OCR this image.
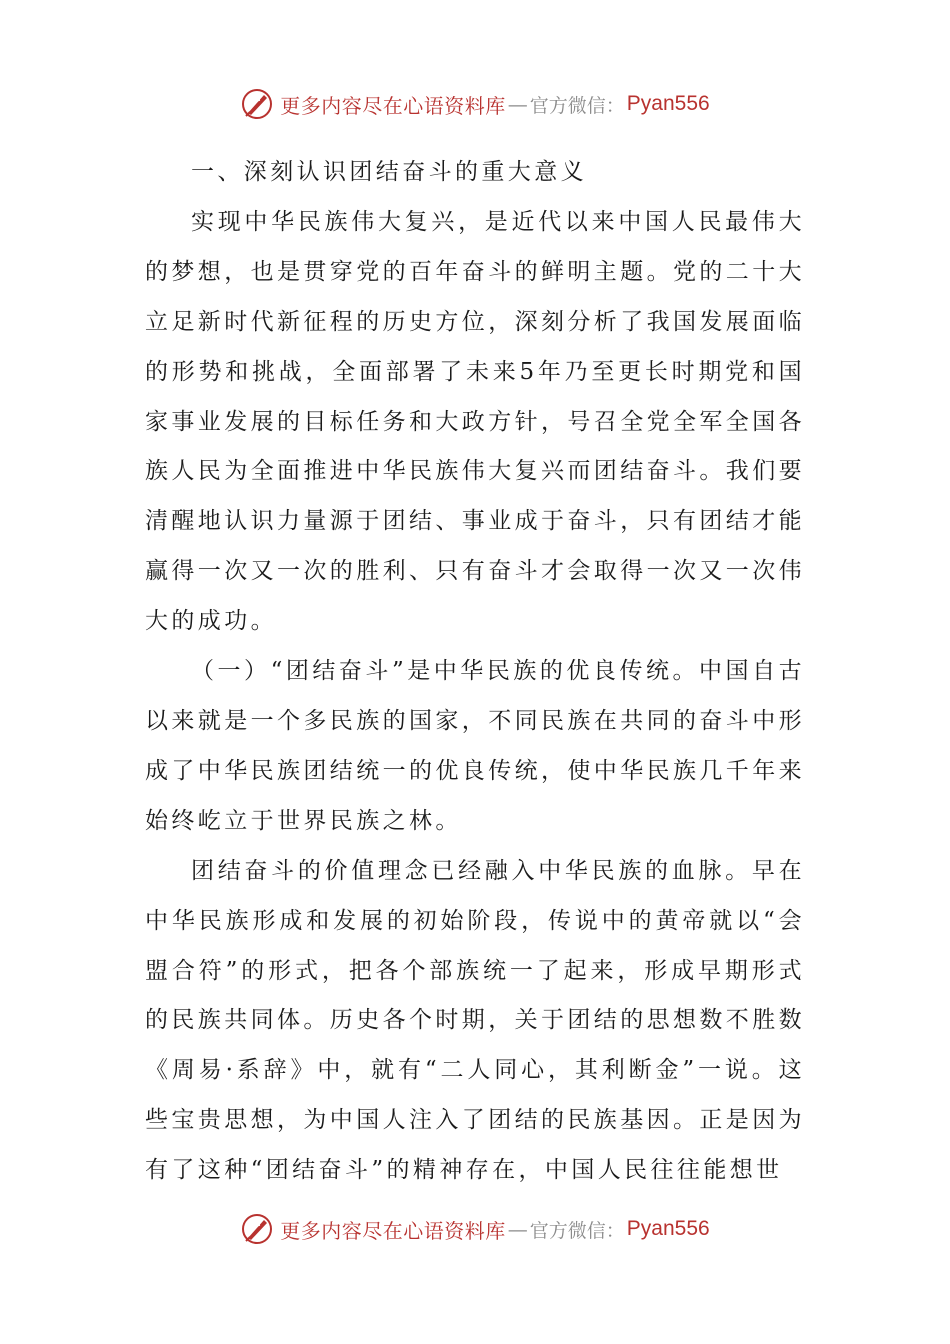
更多内容尽在心语资料库 — 官方微信： Pyan556

一、深刻认识团结奋斗的重大意义

实现中华民族伟大复兴，是近代以来中国人民最伟大的梦想，也是贯穿党的百年奋斗的鲜明主题。党的二十大立足新时代新征程的历史方位，深刻分析了我国发展面临的形势和挑战，全面部署了未来5年乃至更长时期党和国家事业发展的目标任务和大政方针，号召全党全军全国各族人民为全面推进中华民族伟大复兴而团结奋斗。我们要清醒地认识力量源于团结、事业成于奋斗，只有团结才能赢得一次又一次的胜利、只有奋斗才会取得一次又一次伟大的成功。

（一）“团结奋斗”是中华民族的优良传统。中国自古以来就是一个多民族的国家，不同民族在共同的奋斗中形成了中华民族团结统一的优良传统，使中华民族几千年来始终屹立于世界民族之林。

团结奋斗的价值理念已经融入中华民族的血脉。早在中华民族形成和发展的初始阶段，传说中的黄帝就以“会盟合符”的形式，把各个部族统一了起来，形成早期形式的民族共同体。历史各个时期，关于团结的思想数不胜数《周易·系辞》中，就有“二人同心，其利断金”一说。这些宝贵思想，为中国人注入了团结的民族基因。正是因为有了这种“团结奋斗”的精神存在，中国人民往往能想世

更多内容尽在心语资料库 — 官方微信： Pyan556
